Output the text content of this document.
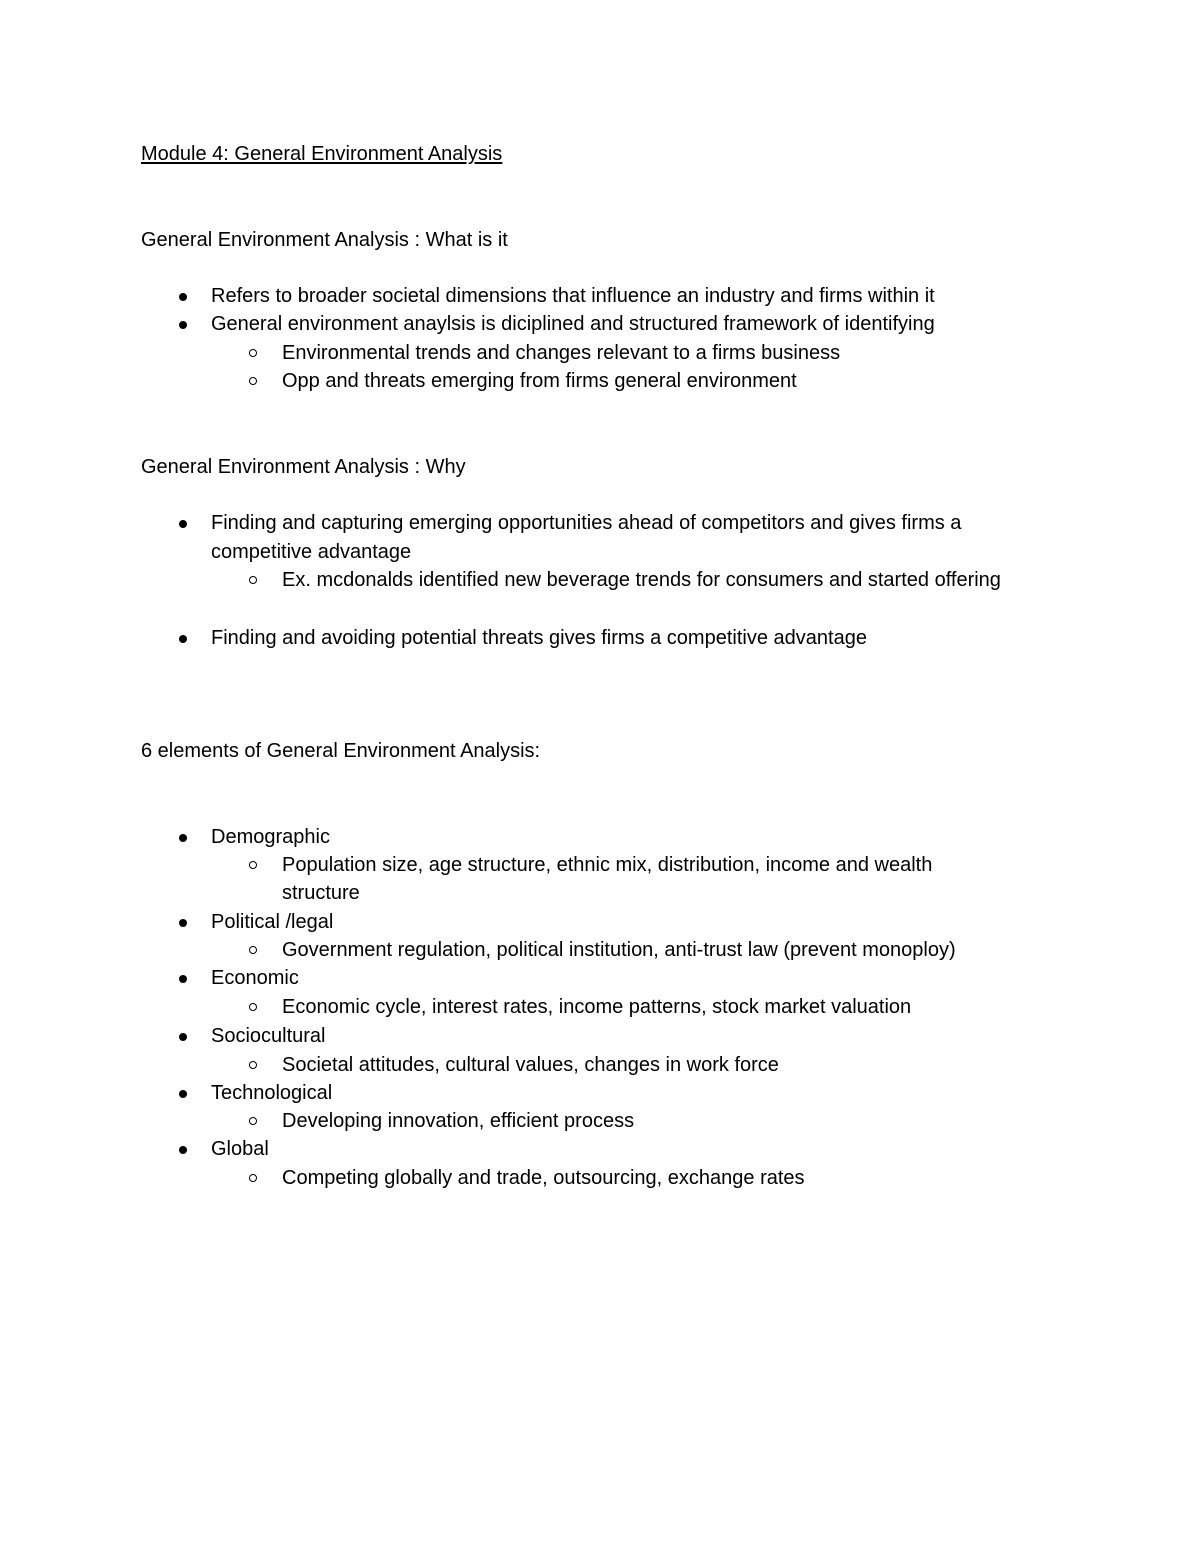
Module 4: General Environment Analysis
General Environment Analysis : What is it
Refers to broader societal dimensions that influence an industry and firms within it
General environment anaylsis is diciplined and structured framework of identifying
Environmental trends and changes relevant to a firms business
Opp and threats emerging from firms general environment
General Environment Analysis : Why
Finding and capturing emerging opportunities ahead of competitors and gives firms a
competitive advantage
Ex. mcdonalds identified new beverage trends for consumers and started offering
Finding and avoiding potential threats gives firms a competitive advantage
6 elements of General Environment Analysis:
Demographic
Population size, age structure, ethnic mix, distribution, income and wealth
structure
Political /legal
Government regulation, political institution, anti-trust law (prevent monoploy)
Economic
Economic cycle, interest rates, income patterns, stock market valuation
Sociocultural
Societal attitudes, cultural values, changes in work force
Technological
Developing innovation, efficient process
Global
Competing globally and trade, outsourcing, exchange rates
